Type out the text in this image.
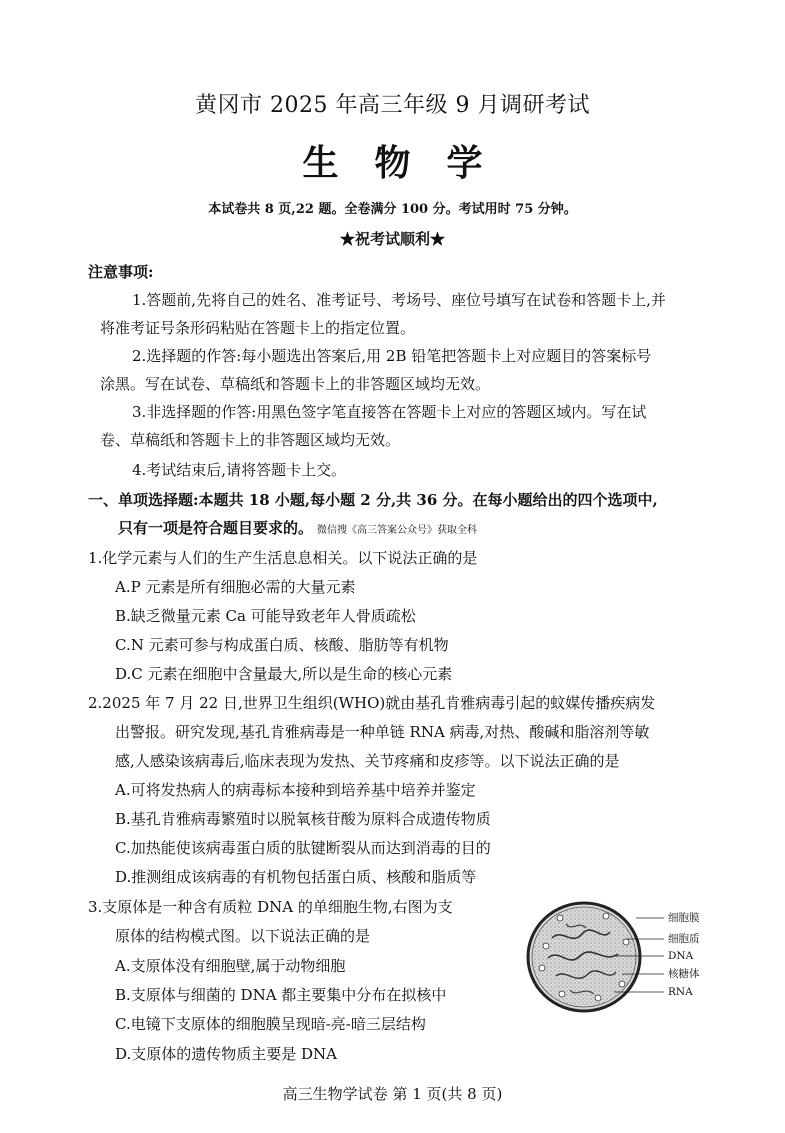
黄冈市 2025 年高三年级 9 月调研考试
生物学
本试卷共 8 页,22 题。全卷满分 100 分。考试用时 75 分钟。
★祝考试顺利★
注意事项:
1.答题前,先将自己的姓名、准考证号、考场号、座位号填写在试卷和答题卡上,并
将准考证号条形码粘贴在答题卡上的指定位置。
2.选择题的作答:每小题选出答案后,用 2B 铅笔把答题卡上对应题目的答案标号
涂黑。写在试卷、草稿纸和答题卡上的非答题区域均无效。
3.非选择题的作答:用黑色签字笔直接答在答题卡上对应的答题区域内。写在试
卷、草稿纸和答题卡上的非答题区域均无效。
4.考试结束后,请将答题卡上交。
一、单项选择题:本题共 18 小题,每小题 2 分,共 36 分。在每小题给出的四个选项中,
只有一项是符合题目要求的。 微信搜《高三答案公众号》获取全科
1.化学元素与人们的生产生活息息相关。以下说法正确的是
A.P 元素是所有细胞必需的大量元素
B.缺乏微量元素 Ca 可能导致老年人骨质疏松
C.N 元素可参与构成蛋白质、核酸、脂肪等有机物
D.C 元素在细胞中含量最大,所以是生命的核心元素
2.2025 年 7 月 22 日,世界卫生组织(WHO)就由基孔肯雅病毒引起的蚊媒传播疾病发
出警报。研究发现,基孔肯雅病毒是一种单链 RNA 病毒,对热、酸碱和脂溶剂等敏
感,人感染该病毒后,临床表现为发热、关节疼痛和皮疹等。以下说法正确的是
A.可将发热病人的病毒标本接种到培养基中培养并鉴定
B.基孔肯雅病毒繁殖时以脱氧核苷酸为原料合成遗传物质
C.加热能使该病毒蛋白质的肽键断裂从而达到消毒的目的
D.推测组成该病毒的有机物包括蛋白质、核酸和脂质等
3.支原体是一种含有质粒 DNA 的单细胞生物,右图为支
原体的结构模式图。以下说法正确的是
A.支原体没有细胞壁,属于动物细胞
B.支原体与细菌的 DNA 都主要集中分布在拟核中
C.电镜下支原体的细胞膜呈现暗-亮-暗三层结构
D.支原体的遗传物质主要是 DNA
细胞膜
细胞质
DNA
核糖体
RNA
高三生物学试卷 第 1 页(共 8 页)
